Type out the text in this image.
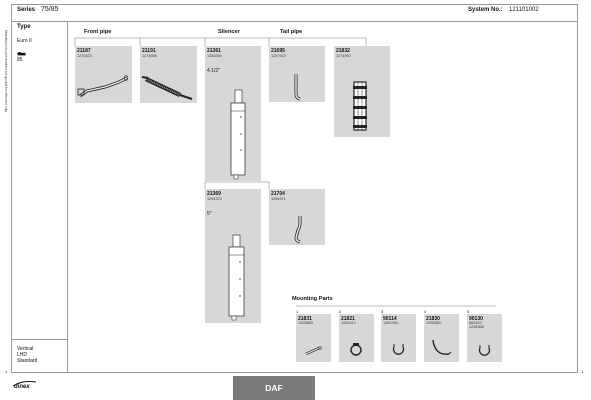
Series 75/85	System No.: 121101002
Manufacturers part numbers are quoted for reference only
Type
Euro II
85
Vertical
LHD
Standard
Front pipe	Silencer	Tail pipe
Mounting Parts
21187
1270423
21191
1274655
21361
1255393
4 1/2"
21695
1257923
21832
1274992
21369
1294370
5"
21704
1294371
1
21831
1303683
2
21821
1252412
3
90114
1283784
4
21830
1255360
5
90130
662610
1298368
1	1
dinex	DAF
